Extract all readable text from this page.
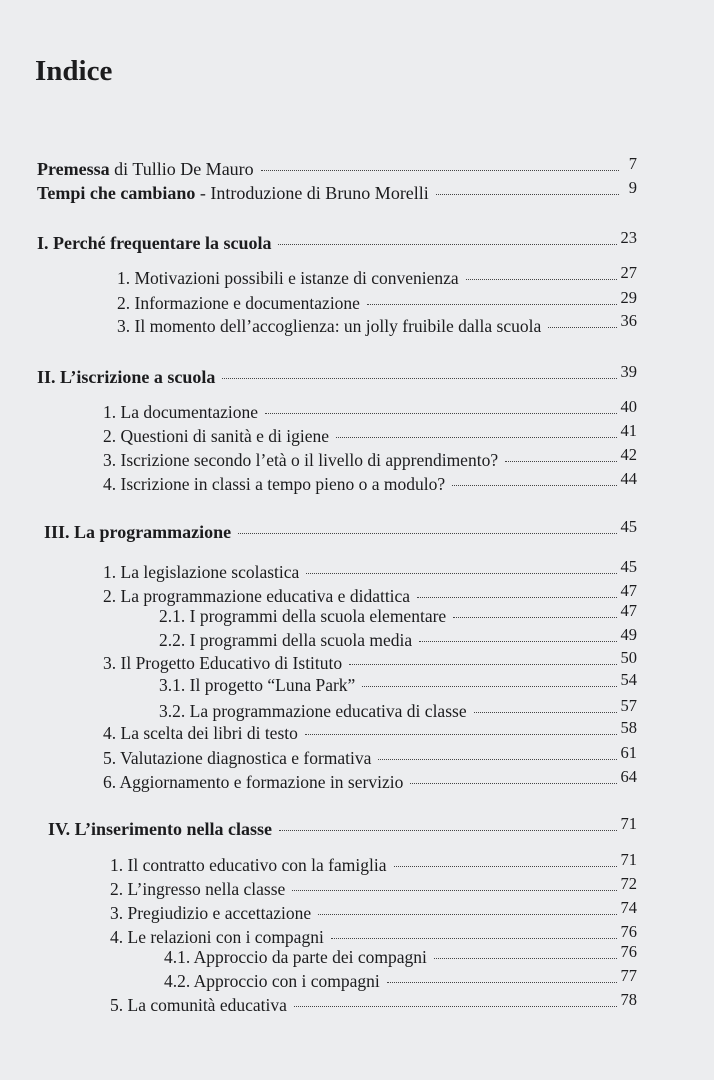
Indice
Premessa di Tullio De Mauro	7
Tempi che cambiano - Introduzione di Bruno Morelli	9
I. Perché frequentare la scuola	23
1. Motivazioni possibili e istanze di convenienza	27
2. Informazione e documentazione	29
3. Il momento dell’accoglienza: un jolly fruibile dalla scuola	36
II. L’iscrizione a scuola	39
1. La documentazione	40
2. Questioni di sanità e di igiene	41
3. Iscrizione secondo l’età o il livello di apprendimento?	42
4. Iscrizione in classi a tempo pieno o a modulo?	44
III. La programmazione	45
1. La legislazione scolastica	45
2. La programmazione educativa e didattica	47
2.1. I programmi della scuola elementare	47
2.2. I programmi della scuola media	49
3. Il Progetto Educativo di Istituto	50
3.1. Il progetto “Luna Park”	54
3.2. La programmazione educativa di classe	57
4. La scelta dei libri di testo	58
5. Valutazione diagnostica e formativa	61
6. Aggiornamento e formazione in servizio	64
IV. L’inserimento nella classe	71
1. Il contratto educativo con la famiglia	71
2. L’ingresso nella classe	72
3. Pregiudizio e accettazione	74
4. Le relazioni con i compagni	76
4.1. Approccio da parte dei compagni	76
4.2. Approccio con i compagni	77
5. La comunità educativa	78
